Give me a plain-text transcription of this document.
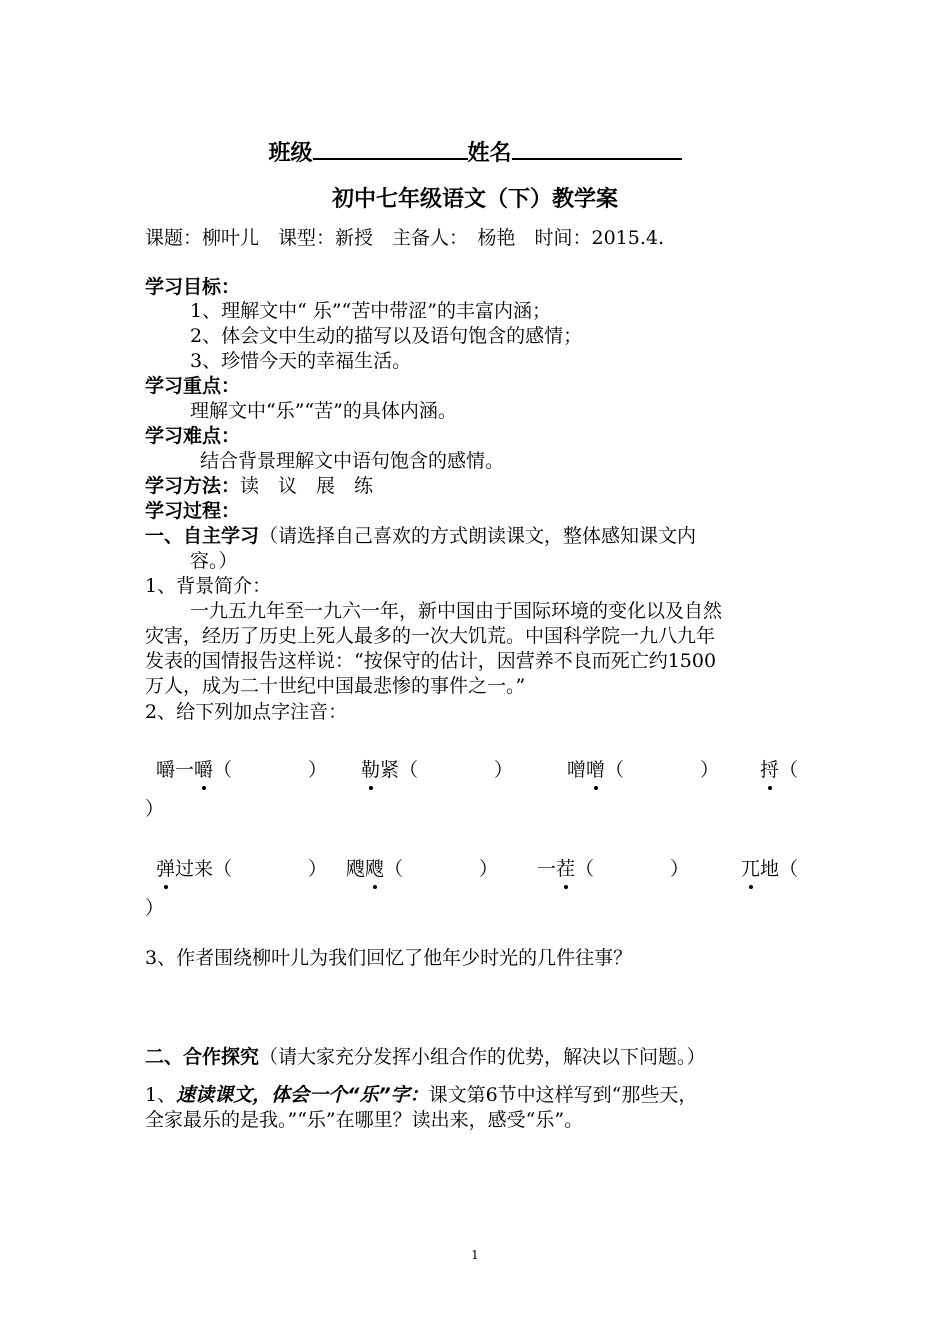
班级	姓名
初中七年级语文（下）教学案
课题：柳叶儿　课型：新授　主备人：　杨艳　时间：2015.4.
学习目标：
1、理解文中“ 乐”“苦中带涩”的丰富内涵；
2、体会文中生动的描写以及语句饱含的感情；
3、珍惜今天的幸福生活。
学习重点：
理解文中“乐”“苦”的具体内涵。
学习难点：
结合背景理解文中语句饱含的感情。
学习方法：读　议　展　练
学习过程：
一、自主学习（请选择自己喜欢的方式朗读课文，整体感知课文内
容。）
1、背景简介：
一九五九年至一九六一年，新中国由于国际环境的变化以及自然
灾害，经历了历史上死人最多的一次大饥荒。中国科学院一九八九年
发表的国情报告这样说：“按保守的估计，因营养不良而死亡约1500
万人，成为二十世纪中国最悲惨的事件之一。”
2、给下列加点字注音：
嚼一嚼（　　　　） 勒紧（　　　　）	噌噌（　　　　） 捋（
）
弹过来（　　　　） 飕飕（　　　　） 一茬（　　　　）	兀地（
）
3、作者围绕柳叶儿为我们回忆了他年少时光的几件往事？
二、合作探究（请大家充分发挥小组合作的优势，解决以下问题。）
1、速读课文，体会一个“乐”字：课文第6节中这样写到“那些天，
全家最乐的是我。”“乐”在哪里？读出来，感受“乐”。
1
